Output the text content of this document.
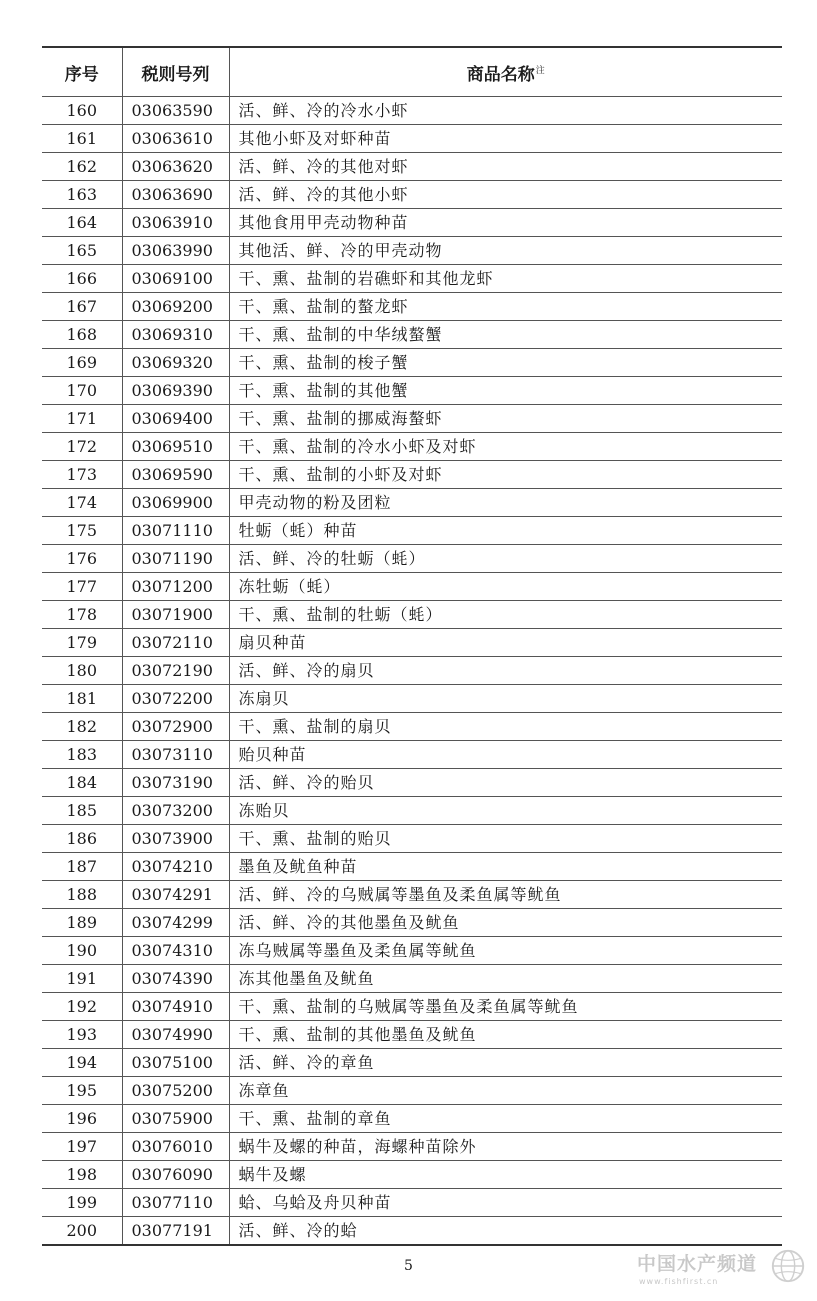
序号	税则号列	商品名称$^注$
160	03063590	活、鲜、冷的冷水小虾
161	03063610	其他小虾及对虾种苗
162	03063620	活、鲜、冷的其他对虾
163	03063690	活、鲜、冷的其他小虾
164	03063910	其他食用甲壳动物种苗
165	03063990	其他活、鲜、冷的甲壳动物
166	03069100	干、熏、盐制的岩礁虾和其他龙虾
167	03069200	干、熏、盐制的螯龙虾
168	03069310	干、熏、盐制的中华绒螯蟹
169	03069320	干、熏、盐制的梭子蟹
170	03069390	干、熏、盐制的其他蟹
171	03069400	干、熏、盐制的挪威海螯虾
172	03069510	干、熏、盐制的冷水小虾及对虾
173	03069590	干、熏、盐制的小虾及对虾
174	03069900	甲壳动物的粉及团粒
175	03071110	牡蛎（蚝）种苗
176	03071190	活、鲜、冷的牡蛎（蚝）
177	03071200	冻牡蛎（蚝）
178	03071900	干、熏、盐制的牡蛎（蚝）
179	03072110	扇贝种苗
180	03072190	活、鲜、冷的扇贝
181	03072200	冻扇贝
182	03072900	干、熏、盐制的扇贝
183	03073110	贻贝种苗
184	03073190	活、鲜、冷的贻贝
185	03073200	冻贻贝
186	03073900	干、熏、盐制的贻贝
187	03074210	墨鱼及鱿鱼种苗
188	03074291	活、鲜、冷的乌贼属等墨鱼及柔鱼属等鱿鱼
189	03074299	活、鲜、冷的其他墨鱼及鱿鱼
190	03074310	冻乌贼属等墨鱼及柔鱼属等鱿鱼
191	03074390	冻其他墨鱼及鱿鱼
192	03074910	干、熏、盐制的乌贼属等墨鱼及柔鱼属等鱿鱼
193	03074990	干、熏、盐制的其他墨鱼及鱿鱼
194	03075100	活、鲜、冷的章鱼
195	03075200	冻章鱼
196	03075900	干、熏、盐制的章鱼
197	03076010	蜗牛及螺的种苗，海螺种苗除外
198	03076090	蜗牛及螺
199	03077110	蛤、乌蛤及舟贝种苗
200	03077191	活、鲜、冷的蛤
5	中国水产频道
www.fishfirst.cn
